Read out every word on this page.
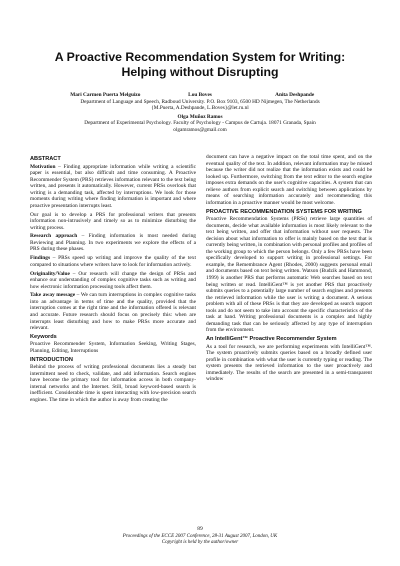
A Proactive Recommendation System for Writing:
Helping without Disrupting
Mari Carmen Puerta Melguizo	Lou Boves	Anita Deshpande
Department of Language and Speech, Radboud University. P.O. Box 9103, 6500 HD Nijmegen, The Netherlands
{M.Puerta, A.Deshpande, L.Boves}@let.ru.nl
Olga Muñoz Ramos
Department of Experimental Psychology. Faculty of Psychology - Campus de Cartuja. 18071 Granada, Spain
olgamramos@gmail.com
ABSTRACT

Motivation – Finding appropriate information while writing a scientific paper is essential, but also difficult and time consuming. A Proactive Recommender System (PRS) retrieves information relevant to the text being written, and presents it automatically. However, current PRSs overlook that writing is a demanding task, affected by interruptions. We look for those moments during writing where finding information is important and where proactive presentation interrupts least.

Our goal is to develop a PRS for professional writers that presents information non-intrusively and timely so as to minimize disturbing the writing process.

Research approach – Finding information is most needed during Reviewing and Planning. In two experiments we explore the effects of a PRS during these phases.

Findings – PRSs speed up writing and improve the quality of the text compared to situations where writers have to look for information actively.

Originality/Value – Our research will change the design of PRSs and enhance our understanding of complex cognitive tasks such as writing and how electronic information processing tools affect them.

Take away message – We can turn interruptions in complex cognitive tasks into an advantage in terms of time and the quality, provided that the interruption comes at the right time and the information offered is relevant and accurate. Future research should focus on precisely this: when are interrupts least disturbing and how to make PRSs more accurate and relevant.

Keywords

Proactive Recommender System, Information Seeking, Writing Stages, Planning, Editing, Interruptions

INTRODUCTION

Behind the process of writing professional documents lies a steady but intermittent need to check, validate, and add information. Search engines have become the primary tool for information access in both company-internal networks and the Internet. Still, broad keyword-based search is inefficient. Considerable time is spent interacting with low-precision search engines. The time in which the author is away from creating the

document can have a negative impact on the total time spent, and on the eventual quality of the text. In addition, relevant information may be missed because the writer did not realize that the information exists and could be looked up. Furthermore, switching from the text editor to the search engine imposes extra demands on the user's cognitive capacities. A system that can relieve authors from explicit search and switching between applications by means of searching information accurately and recommending this information in a proactive manner would be most welcome.

PROACTIVE RECOMMENDATION SYSTEMS FOR WRITING

Proactive Recommendation Systems (PRSs) retrieve large quantities of documents, decide what available information is most likely relevant to the text being written, and offer that information without user requests. The decision about what information to offer is mainly based on the text that is currently being written, in combination with personal profiles and profiles of the working group to which the person belongs. Only a few PRSs have been specifically developed to support writing in professional settings. For example, the Remembrance Agent (Rhodes, 2000) suggests personal email and documents based on text being written. Watson (Budzik and Hammond, 1999) is another PRS that performs automatic Web searches based on text being written or read. IntelliGent™ is yet another PRS that proactively submits queries to a potentially large number of search engines and presents the retrieved information while the user is writing a document. A serious problem with all of these PRSs is that they are developed as search support tools and do not seem to take into account the specific characteristics of the task at hand. Writing professional documents is a complex and highly demanding task that can be seriously affected by any type of interruption from the environment.

An IntelliGent™ Proactive Recommender System

As a tool for research, we are performing experiments with IntelliGent™. The system proactively submits queries based on a broadly defined user profile in combination with what the user is currently typing or reading. The system presents the retrieved information to the user proactively and immediately. The results of the search are presented in a semi-transparent window

89
Proceedings of the ECCE 2007 Conference, 28-31 August 2007, London, UK
Copyright is held by the author/owner
